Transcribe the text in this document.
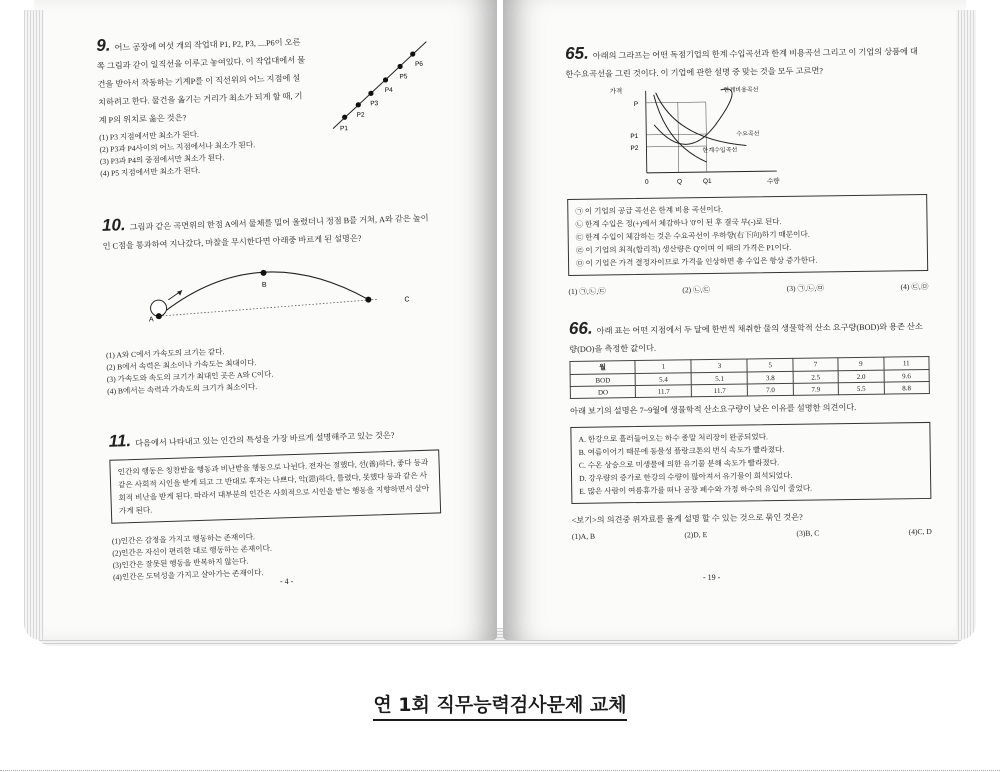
9. 어느 공장에 여섯 개의 작업대 P1, P2, P3, ....P6이 오른쪽 그림과 같이 일직선을 이루고 놓여있다. 이 작업대에서 물건을 받아서 작동하는 기계P를 이 직선위의 어느 지점에 설치하려고 한다. 물건을 옮기는 거리가 최소가 되게 할 때, 기계 P의 위치로 옳은 것은?

(1) P3 지점에서만 최소가 된다.
(2) P3과 P4사이의 어느 지점에서나 최소가 된다.
(3) P3과 P4의 중점에서만 최소가 된다.
(4) P5 지점에서만 최소가 된다.
P1
P2
P3
P4
P5
P6

10. 그림과 같은 곡면위의 한점 A에서 물체를 밀어 올렸더니 정점 B를 거쳐, A와 같은 높이인 C점을 통과하여 지나갔다, 마찰을 무시한다면 아래중 바르게 된 설명은?

A
B
C
(1) A와 C에서 가속도의 크기는 같다.
(2) B에서 속력은 최소이나 가속도는 최대이다.
(3) 가속도와 속도의 크기가 최대인 곳은 A와 C이다.
(4) B에서는 속력과 가속도의 크기가 최소이다.

11. 다음에서 나타내고 있는 인간의 특성을 가장 바르게 설명해주고 있는 것은?

인간의 행동은 칭찬받을 행동과 비난받을 행동으로 나뉜다. 전자는 절했다, 선(善)하다, 좋다 등과 같은 사회적 시인을 받게 되고 그 반대로 후자는 나쁘다, 악(惡)하다, 틀렸다, 못했다 등과 같은 사회적 비난을 받게 된다. 따라서 대부분의 인간은 사회적으로 시인을 받는 행동을 지향하면서 살아가게 된다.
(1)인간은 감정을 가지고 행동하는 존재이다.
(2)인간은 자신이 편리한 대로 행동하는 존재이다.
(3)인간은 잘못된 행동을 반복하지 않는다.
(4)인간은 도덕성을 가지고 살아가는 존재이다.	- 4 -

65. 아래의 그라프는 어떤 독점기업의 한계 수입곡선과 한계 비용곡선 그리고 이 기업의 상품에 대한수요곡선을 그린 것이다. 이 기업에 관한 설명 중 맞는 것을 모두 고르면?

가격
수량
한계비용곡선
수요곡선
한계수입곡선
P
P1
P2
0	Q	Q1
㉠ 이 기업의 공급 곡선은 한계 비용 곡선이다.
㉡ 한계 수입은 정(+)에서 체감하나 '0'이 된 후 결국 부(-)로 된다.
㉢ 한계 수입이 체감하는 것은 수요곡선이 우하향(右下向)하기 때문이다.
㉣ 이 기업의 최적(합리적) 생산량은 Q'이며 이 때의 가격은 P1이다.
㉤ 이 기업은 가격 결정자이므로 가격을 인상하면 총 수입은 항상 증가한다.
(1) ㉠,㉡,㉢	(2) ㉡,㉢	(3) ㉠,㉡,㉤	(4) ㉢,㉤

66. 아래 표는 어떤 지점에서 두 달에 한번씩 채취한 물의 생물학적 산소 요구량(BOD)와 용존 산소량(DO)을 측정한 값이다.

월	1	3	5	7	9	11
BOD	5.4	5.1	3.8	2.5	2.0	9.6
DO	11.7	11.7	7.0	7.9	5.5	8.8

아래 보기의 설명은 7~9월에 생물학적 산소요구량이 낮은 이유를 설명한 의견이다.

A. 한강으로 흘러들어오는 하수 종말 처리장이 완공되었다.
B. 여름이어기 때문에 동물성 플랑크톤의 번식 속도가 빨라졌다.
C. 수온 상승으로 미생물에 의한 유기물 분해 속도가 빨라졌다.
D. 강우량의 증가로 한강의 수량이 많아져서 유기물이 희석되었다.
E. 많은 사람이 여름휴가를 떠나 공장 폐수와 가정 하수의 유입이 줄었다.

<보기>의 의견중 위자료를 올게 설명 할 수 있는 것으로 묶인 것은?

(1)A, B	(2)D, E	(3)B, C	(4)C, D
- 19 -
연 1회 직무능력검사문제 교체
